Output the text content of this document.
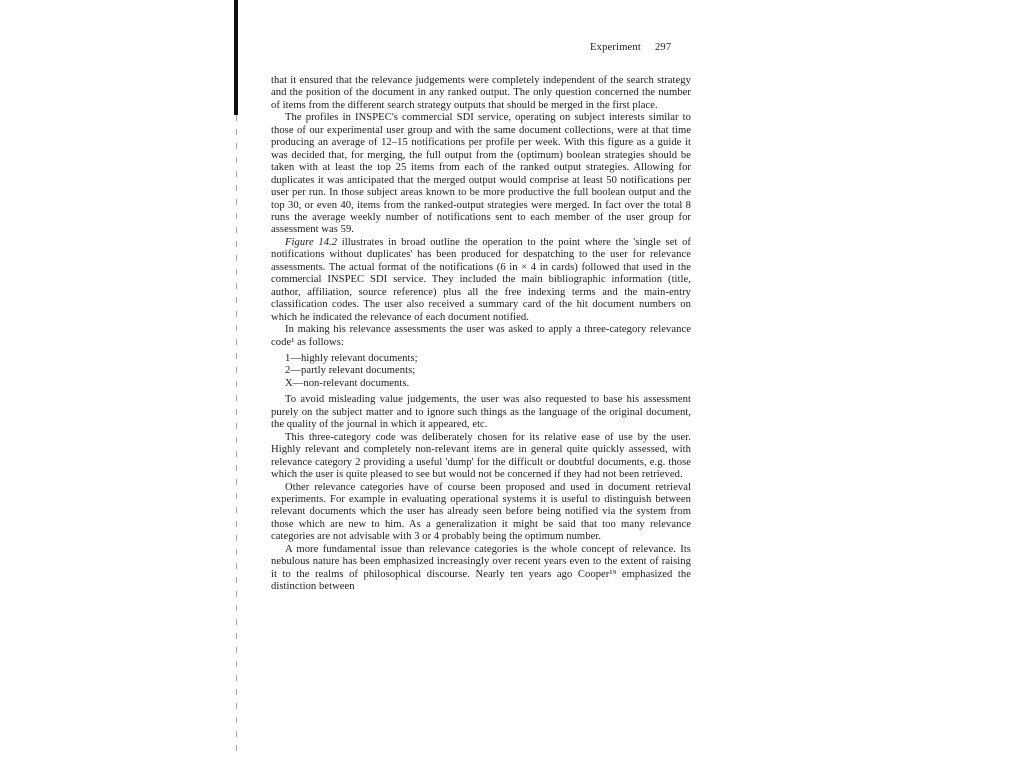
Experiment 297

that it ensured that the relevance judgements were completely independent of the search strategy and the position of the document in any ranked output. The only question concerned the number of items from the different search strategy outputs that should be merged in the first place.

The profiles in INSPEC's commercial SDI service, operating on subject interests similar to those of our experimental user group and with the same document collections, were at that time producing an average of 12–15 notifications per profile per week. With this figure as a guide it was decided that, for merging, the full output from the (optimum) boolean strategies should be taken with at least the top 25 items from each of the ranked output strategies. Allowing for duplicates it was anticipated that the merged output would comprise at least 50 notifications per user per run. In those subject areas known to be more productive the full boolean output and the top 30, or even 40, items from the ranked-output strategies were merged. In fact over the total 8 runs the average weekly number of notifications sent to each member of the user group for assessment was 59.

Figure 14.2 illustrates in broad outline the operation to the point where the 'single set of notifications without duplicates' has been produced for despatching to the user for relevance assessments. The actual format of the notifications (6 in × 4 in cards) followed that used in the commercial INSPEC SDI service. They included the main bibliographic information (title, author, affiliation, source reference) plus all the free indexing terms and the main-entry classification codes. The user also received a summary card of the hit document numbers on which he indicated the relevance of each document notified.

In making his relevance assessments the user was asked to apply a three-category relevance code¹ as follows:

1—highly relevant documents;
2—partly relevant documents;
X—non-relevant documents.

To avoid misleading value judgements, the user was also requested to base his assessment purely on the subject matter and to ignore such things as the language of the original document, the quality of the journal in which it appeared, etc.

This three-category code was deliberately chosen for its relative ease of use by the user. Highly relevant and completely non-relevant items are in general quite quickly assessed, with relevance category 2 providing a useful 'dump' for the difficult or doubtful documents, e.g. those which the user is quite pleased to see but would not be concerned if they had not been retrieved.

Other relevance categories have of course been proposed and used in document retrieval experiments. For example in evaluating operational systems it is useful to distinguish between relevant documents which the user has already seen before being notified via the system from those which are new to him. As a generalization it might be said that too many relevance categories are not advisable with 3 or 4 probably being the optimum number.

A more fundamental issue than relevance categories is the whole concept of relevance. Its nebulous nature has been emphasized increasingly over recent years even to the extent of raising it to the realms of philosophical discourse. Nearly ten years ago Cooper¹⁹ emphasized the distinction between
